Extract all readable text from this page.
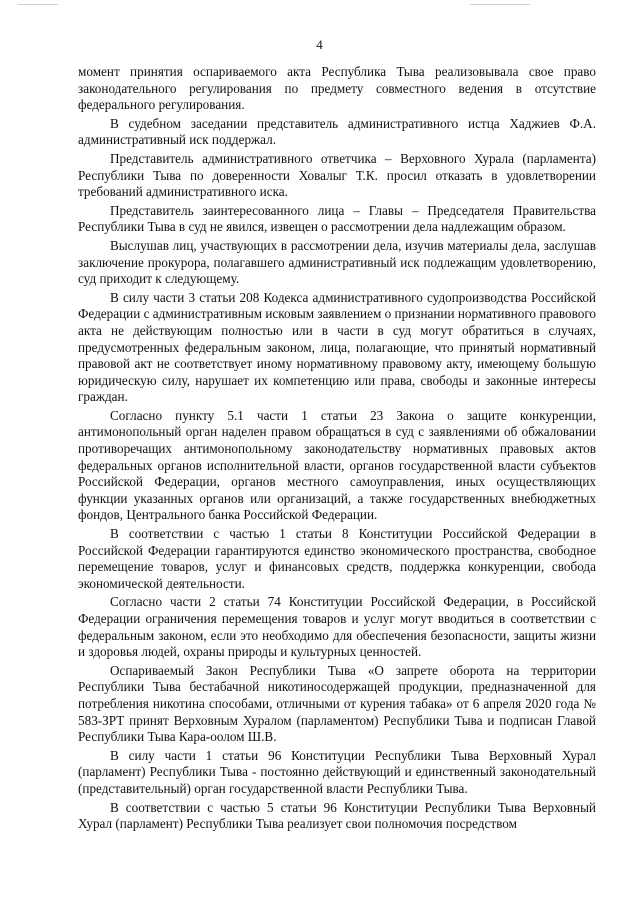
4

момент принятия оспариваемого акта Республика Тыва реализовывала свое право законодательного регулирования по предмету совместного ведения в отсутствие федерального регулирования.

В судебном заседании представитель административного истца Хаджиев Ф.А. административный иск поддержал.

Представитель административного ответчика – Верховного Хурала (парламента) Республики Тыва по доверенности Ховалыг Т.К. просил отказать в удовлетворении требований административного иска.

Представитель заинтересованного лица – Главы – Председателя Правительства Республики Тыва в суд не явился, извещен о рассмотрении дела надлежащим образом.

Выслушав лиц, участвующих в рассмотрении дела, изучив материалы дела, заслушав заключение прокурора, полагавшего административный иск подлежащим удовлетворению, суд приходит к следующему.

В силу части 3 статьи 208 Кодекса административного судопроизводства Российской Федерации с административным исковым заявлением о признании нормативного правового акта не действующим полностью или в части в суд могут обратиться в случаях, предусмотренных федеральным законом, лица, полагающие, что принятый нормативный правовой акт не соответствует иному нормативному правовому акту, имеющему большую юридическую силу, нарушает их компетенцию или права, свободы и законные интересы граждан.

Согласно пункту 5.1 части 1 статьи 23 Закона о защите конкуренции, антимонопольный орган наделен правом обращаться в суд с заявлениями об обжаловании противоречащих антимонопольному законодательству нормативных правовых актов федеральных органов исполнительной власти, органов государственной власти субъектов Российской Федерации, органов местного самоуправления, иных осуществляющих функции указанных органов или организаций, а также государственных внебюджетных фондов, Центрального банка Российской Федерации.

В соответствии с частью 1 статьи 8 Конституции Российской Федерации в Российской Федерации гарантируются единство экономического пространства, свободное перемещение товаров, услуг и финансовых средств, поддержка конкуренции, свобода экономической деятельности.

Согласно части 2 статьи 74 Конституции Российской Федерации, в Российской Федерации ограничения перемещения товаров и услуг могут вводиться в соответствии с федеральным законом, если это необходимо для обеспечения безопасности, защиты жизни и здоровья людей, охраны природы и культурных ценностей.

Оспариваемый Закон Республики Тыва «О запрете оборота на территории Республики Тыва бестабачной никотиносодержащей продукции, предназначенной для потребления никотина способами, отличными от курения табака» от 6 апреля 2020 года № 583-ЗРТ принят Верховным Хуралом (парламентом) Республики Тыва и подписан Главой Республики Тыва Кара-оолом Ш.В.

В силу части 1 статьи 96 Конституции Республики Тыва Верховный Хурал (парламент) Республики Тыва - постоянно действующий и единственный законодательный (представительный) орган государственной власти Республики Тыва.

В соответствии с частью 5 статьи 96 Конституции Республики Тыва Верховный Хурал (парламент) Республики Тыва реализует свои полномочия посредством
